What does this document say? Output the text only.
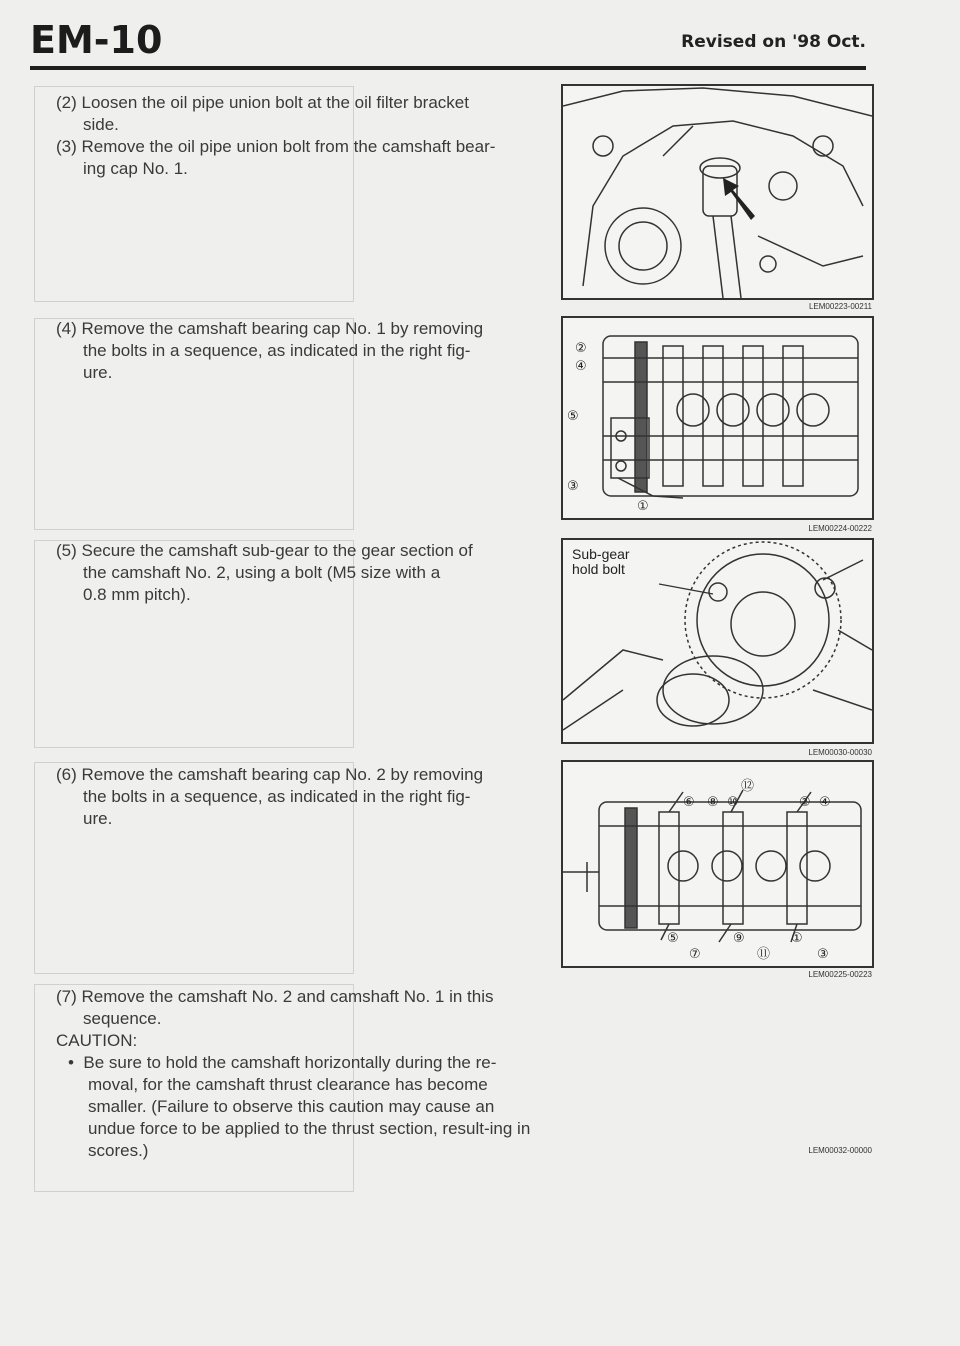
EM-10	Revised on '98 Oct.

(2) Loosen the oil pipe union bolt at the oil filter bracket

side.

(3) Remove the oil pipe union bolt from the camshaft bear-

ing cap No. 1.

LEM00223-00211

(4) Remove the camshaft bearing cap No. 1 by removing

the bolts in a sequence, as indicated in the right fig-

ure.

②
④
⑤
③
①
LEM00224-00222

(5) Secure the camshaft sub-gear to the gear section of

the camshaft No. 2, using a bolt (M5 size with a

0.8 mm pitch).

Sub-gear
hold bolt
LEM00030-00030

(6) Remove the camshaft bearing cap No. 2 by removing

the bolts in a sequence, as indicated in the right fig-

ure.

⑫
⑥ ⑧ ⑩	② ④
⑤
⑦
⑨
⑪
①
③
LEM00225-00223

(7) Remove the camshaft No. 2 and camshaft No. 1 in this

sequence.

CAUTION:

•  Be sure to hold the camshaft horizontally during the re-moval, for the camshaft thrust clearance has become smaller. (Failure to observe this caution may cause an undue force to be applied to the thrust section, result-ing in scores.)	LEM00032-00000
